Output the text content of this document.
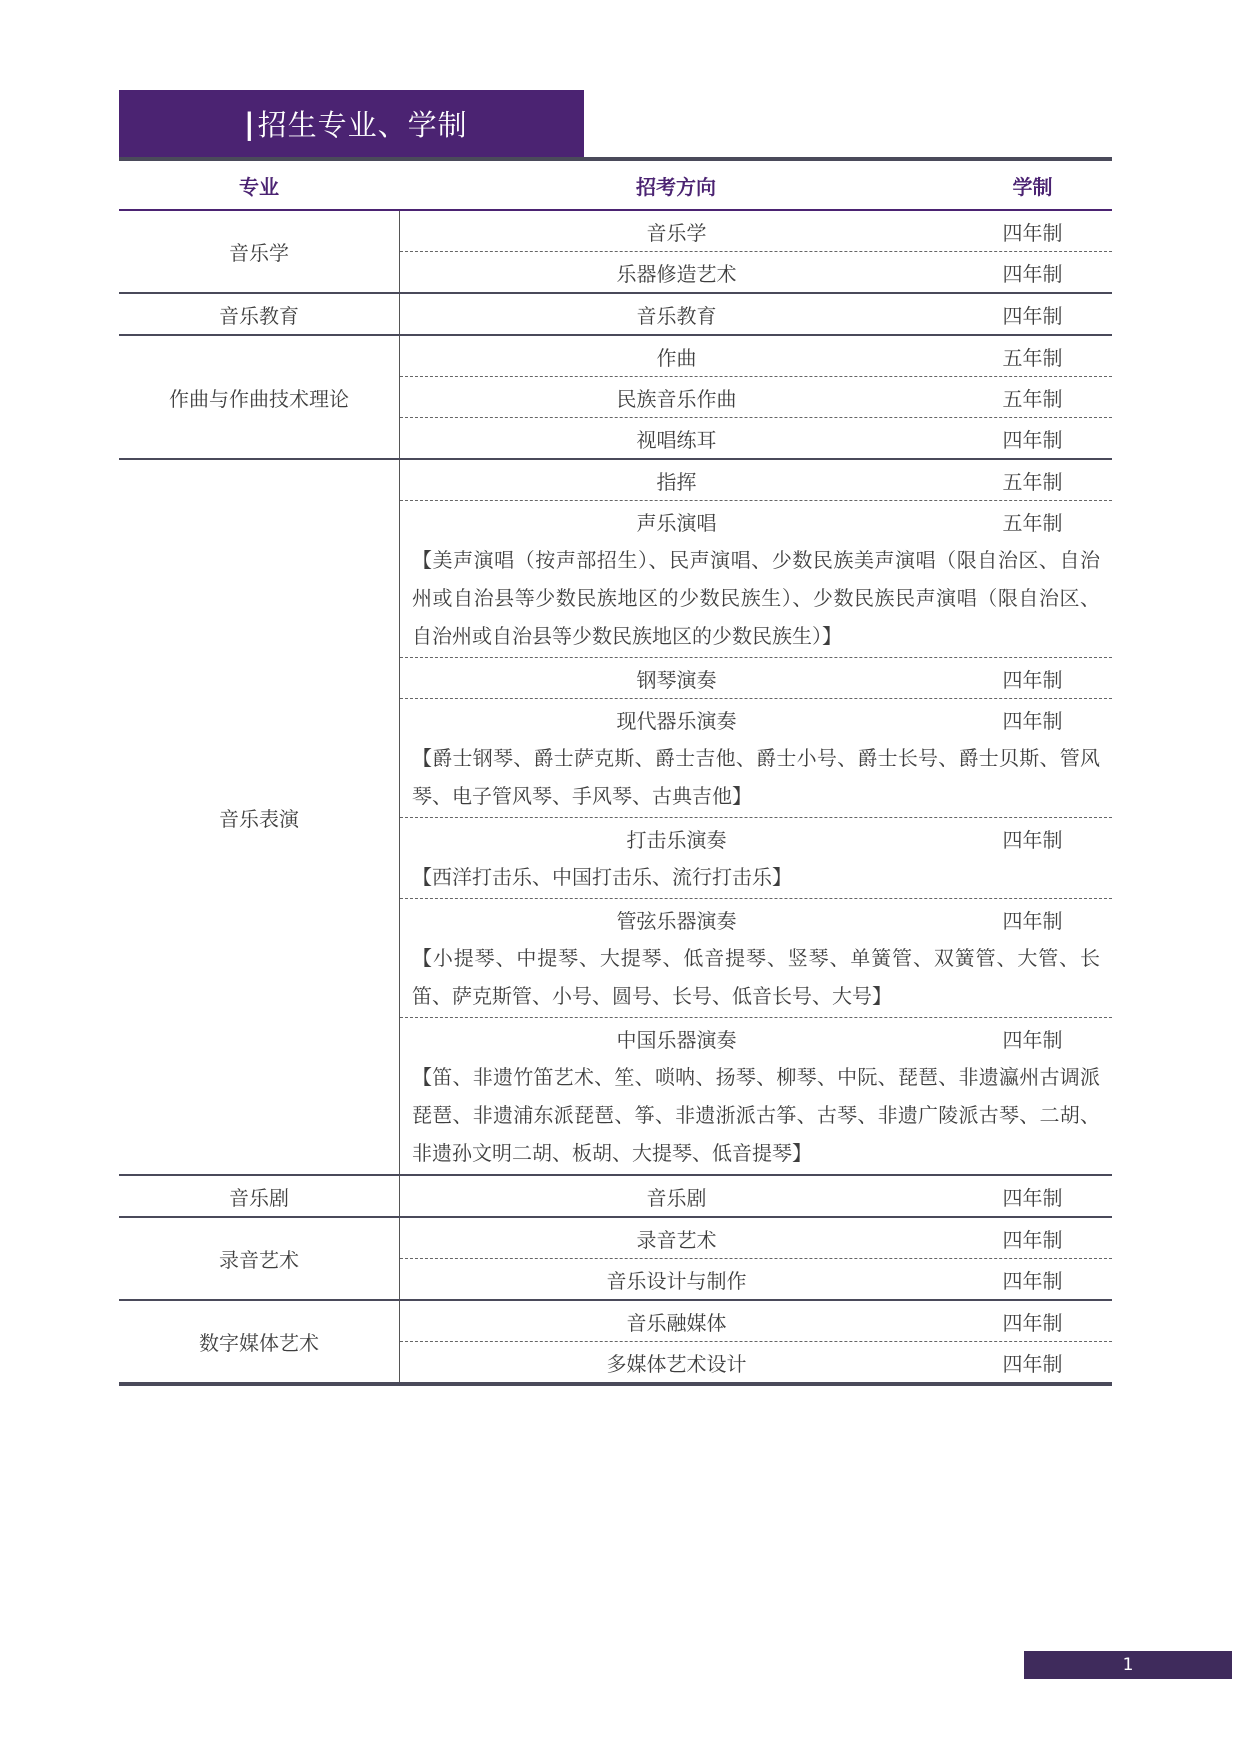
| 招生专业、学制
专业	招考方向	学制
音乐学
音乐学	四年制
乐器修造艺术	四年制
音乐教育	音乐教育	四年制
作曲与作曲技术理论
作曲	五年制
民族音乐作曲	五年制
视唱练耳	四年制
音乐表演
指挥	五年制
声乐演唱	五年制
【美声演唱（按声部招生）、民声演唱、少数民族美声演唱（限自治区、自治州或自治县等少数民族地区的少数民族生）、少数民族民声演唱（限自治区、自治州或自治县等少数民族地区的少数民族生）】
钢琴演奏	四年制
现代器乐演奏	四年制
【爵士钢琴、爵士萨克斯、爵士吉他、爵士小号、爵士长号、爵士贝斯、管风琴、电子管风琴、手风琴、古典吉他】
打击乐演奏	四年制
【西洋打击乐、中国打击乐、流行打击乐】
管弦乐器演奏	四年制
【小提琴、中提琴、大提琴、低音提琴、竖琴、单簧管、双簧管、大管、长笛、萨克斯管、小号、圆号、长号、低音长号、大号】
中国乐器演奏	四年制
【笛、非遗竹笛艺术、笙、唢呐、扬琴、柳琴、中阮、琵琶、非遗瀛州古调派琵琶、非遗浦东派琵琶、筝、非遗浙派古筝、古琴、非遗广陵派古琴、二胡、非遗孙文明二胡、板胡、大提琴、低音提琴】
音乐剧	音乐剧	四年制
录音艺术
录音艺术	四年制
音乐设计与制作	四年制
数字媒体艺术
音乐融媒体	四年制
多媒体艺术设计	四年制
1
